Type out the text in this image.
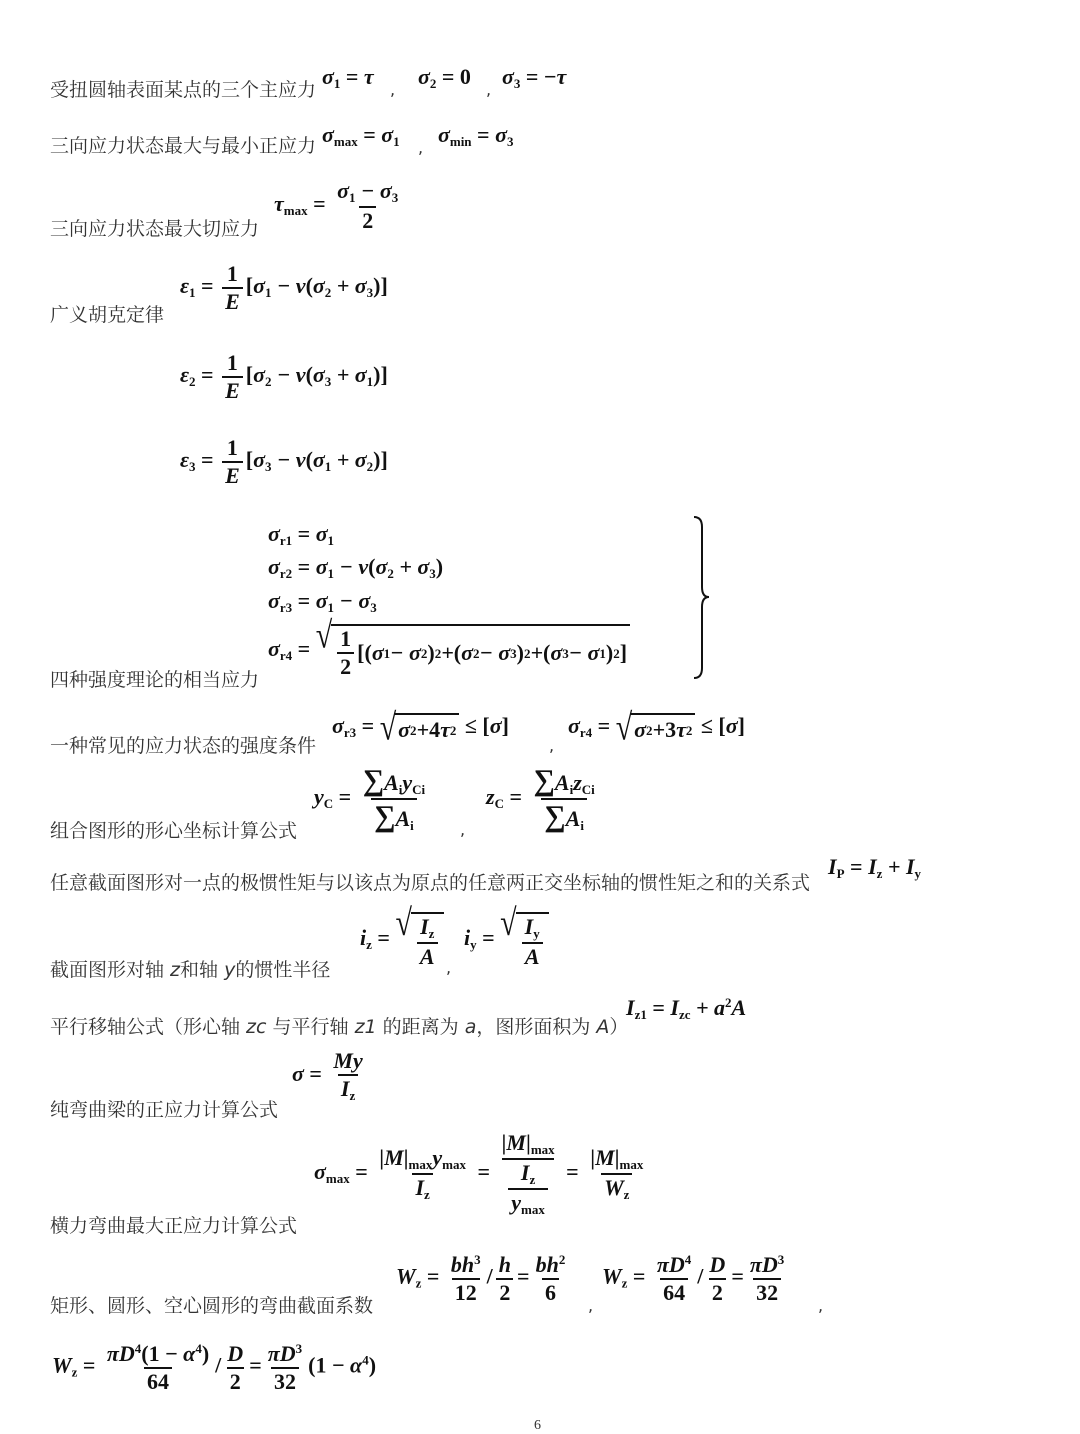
受扭圆轴表面某点的三个主应力
三向应力状态最大与最小正应力
三向应力状态最大切应力
广义胡克定律
四种强度理论的相当应力
一种常见的应力状态的强度条件
组合图形的形心坐标计算公式
任意截面图形对一点的极惯性矩与以该点为原点的任意两正交坐标轴的惯性矩之和的关系式
截面图形对轴 z和轴 y的惯性半径
平行移轴公式（形心轴 zc 与平行轴 z1 的距离为 a，图形面积为 A）
纯弯曲梁的正应力计算公式
横力弯曲最大正应力计算公式
矩形、圆形、空心圆形的弯曲截面系数
$\sigma_1 = \tau$
,
$\sigma_2 = 0$
,
$\sigma_3 = -\tau$
$\sigma_{max} = \sigma_1$ ,
$\sigma_{min} = \sigma_3$
$\tau_{max} = \frac{\sigma_1 - \sigma_3}{2}$
$\varepsilon_1 = \frac{1}{E} [\sigma_1 - \nu(\sigma_2 + \sigma_3)]$
$\varepsilon_2 = \frac{1}{E} [\sigma_2 - \nu(\sigma_3 + \sigma_1)]$
$\varepsilon_3 = \frac{1}{E} [\sigma_3 - \nu(\sigma_1 + \sigma_2)]$
$\sigma_{r1} = \sigma_1$
$\sigma_{r2} = \sigma_1 - \nu(\sigma_2 + \sigma_3)$
$\sigma_{r3} = \sigma_1 - \sigma_3$
$\sigma_{r4}$ = √ $\frac{1}{2}$ [( σ 1 − σ 2 ) 2 + ( σ 2 − σ 3 ) 2 + ( σ 3 − σ 1 ) 2 ]
$\sigma_{r3}$ = √ σ 2 + 4 τ 2 ≤ [σ]
,
$\sigma_{r4}$ = √ σ 2 + 3 τ 2 ≤ [σ]
$y_C = \frac{\sum A_iy_{Ci}}{\sum A_i}$ ,
$z_C = \frac{\sum A_iz_{Ci}}{\sum A_i}$
$I_P = I_z + I_y$
$i_z$ = √ $\frac{I_z}{A}$ ,
$i_y$ = √ $\frac{I_y}{A}$
$I_{z1} = I_{zc} + a^2A$
$\sigma = \frac{My}{I_z}$
$\sigma_{max} = \frac{|M|_{max}y_{max}}{I_z} = \frac{|M|_{max}}{\frac{I_z}{y_{max}}} = \frac{|M|_{max}}{W_z}$
$W_z = \frac{bh^3}{12} / \frac{h}{2} = \frac{bh^2}{6}$
,
$W_z = \frac{\pi D^4}{64} / \frac{D}{2} = \frac{\pi D^3}{32}$
,
$W_z = \frac{\pi D^4(1 - \alpha^4)}{64} / \frac{D}{2} = \frac{\pi D^3}{32} (1 - \alpha^4)$
6
